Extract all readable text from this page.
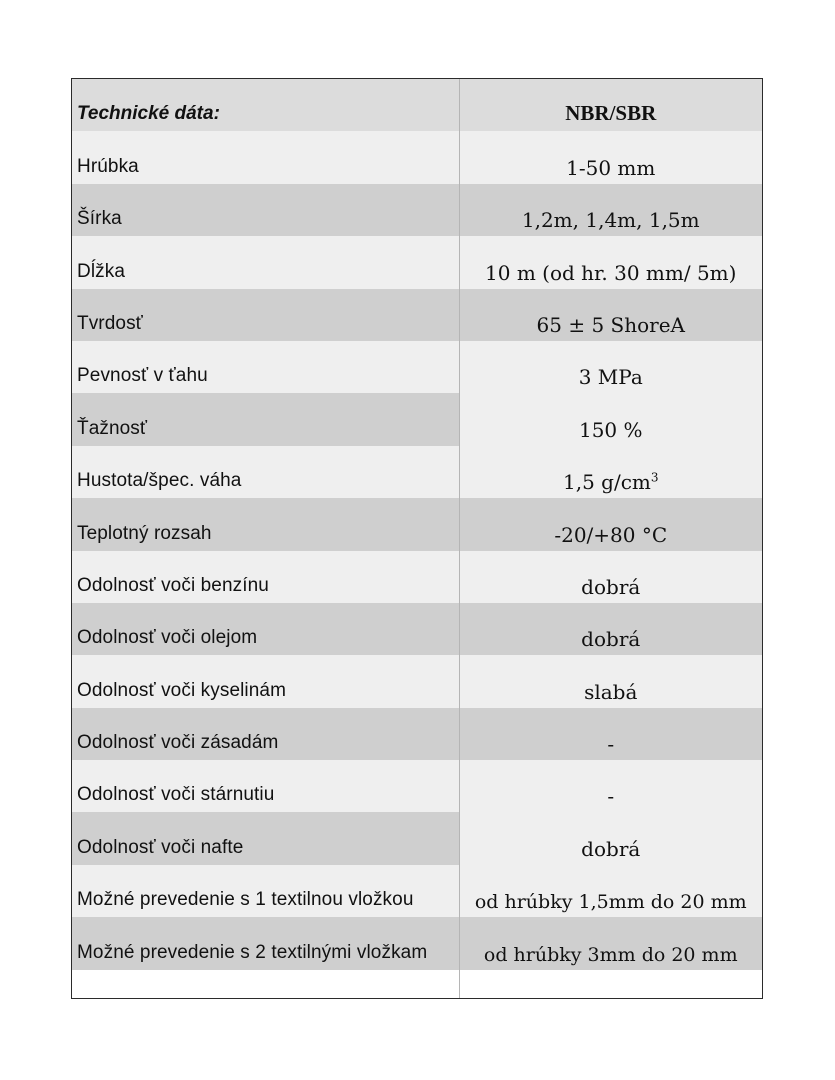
Technické dáta:	NBR/SBR
Hrúbka	1-50 mm
Šírka	1,2m, 1,4m, 1,5m
Dĺžka	10 m (od hr. 30 mm/ 5m)
Tvrdosť	65 ± 5 ShoreA
Pevnosť v ťahu	3 MPa
Ťažnosť	150 %
Hustota/špec. váha	1,5 $g/cm^3$
Teplotný rozsah	-20/+80 °C
Odolnosť voči benzínu	dobrá
Odolnosť voči olejom	dobrá
Odolnosť voči kyselinám	slabá
Odolnosť voči zásadám	-
Odolnosť voči stárnutiu	-
Odolnosť voči nafte	dobrá
Možné prevedenie s 1 textilnou vložkou	od hrúbky 1,5mm do 20 mm
Možné prevedenie s 2 textilnými vložkam	od hrúbky 3mm do 20 mm
